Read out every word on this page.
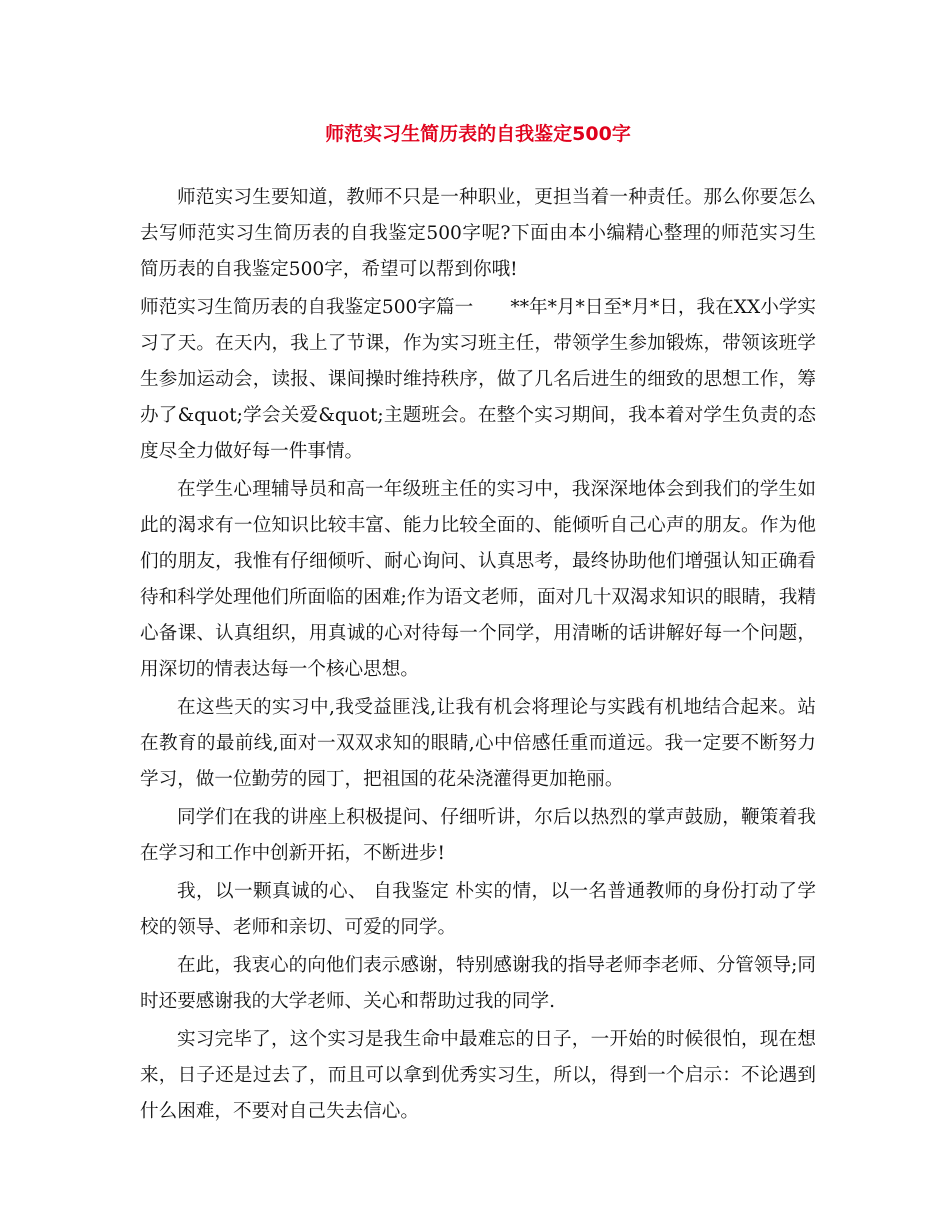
师范实习生简历表的自我鉴定500字

师范实习生要知道，教师不只是一种职业，更担当着一种责任。那么你要怎么去写师范实习生简历表的自我鉴定500字呢?下面由本小编精心整理的师范实习生简历表的自我鉴定500字，希望可以帮到你哦!

师范实习生简历表的自我鉴定500字篇一　　**年*月*日至*月*日，我在XX小学实习了天。在天内，我上了节课，作为实习班主任，带领学生参加锻炼，带领该班学生参加运动会，读报、课间操时维持秩序，做了几名后进生的细致的思想工作，筹办了&quot;学会关爱&quot;主题班会。在整个实习期间，我本着对学生负责的态度尽全力做好每一件事情。

在学生心理辅导员和高一年级班主任的实习中，我深深地体会到我们的学生如此的渴求有一位知识比较丰富、能力比较全面的、能倾听自己心声的朋友。作为他们的朋友，我惟有仔细倾听、耐心询问、认真思考，最终协助他们增强认知正确看待和科学处理他们所面临的困难;作为语文老师，面对几十双渴求知识的眼睛，我精心备课、认真组织，用真诚的心对待每一个同学，用清晰的话讲解好每一个问题，用深切的情表达每一个核心思想。

在这些天的实习中,我受益匪浅,让我有机会将理论与实践有机地结合起来。站在教育的最前线,面对一双双求知的眼睛,心中倍感任重而道远。我一定要不断努力学习，做一位勤劳的园丁，把祖国的花朵浇灌得更加艳丽。

同学们在我的讲座上积极提问、仔细听讲，尔后以热烈的掌声鼓励，鞭策着我在学习和工作中创新开拓，不断进步!

我，以一颗真诚的心、 自我鉴定 朴实的情，以一名普通教师的身份打动了学校的领导、老师和亲切、可爱的同学。

在此，我衷心的向他们表示感谢，特别感谢我的指导老师李老师、分管领导;同时还要感谢我的大学老师、关心和帮助过我的同学.

实习完毕了，这个实习是我生命中最难忘的日子，一开始的时候很怕，现在想来，日子还是过去了，而且可以拿到优秀实习生，所以，得到一个启示：不论遇到什么困难，不要对自己失去信心。
